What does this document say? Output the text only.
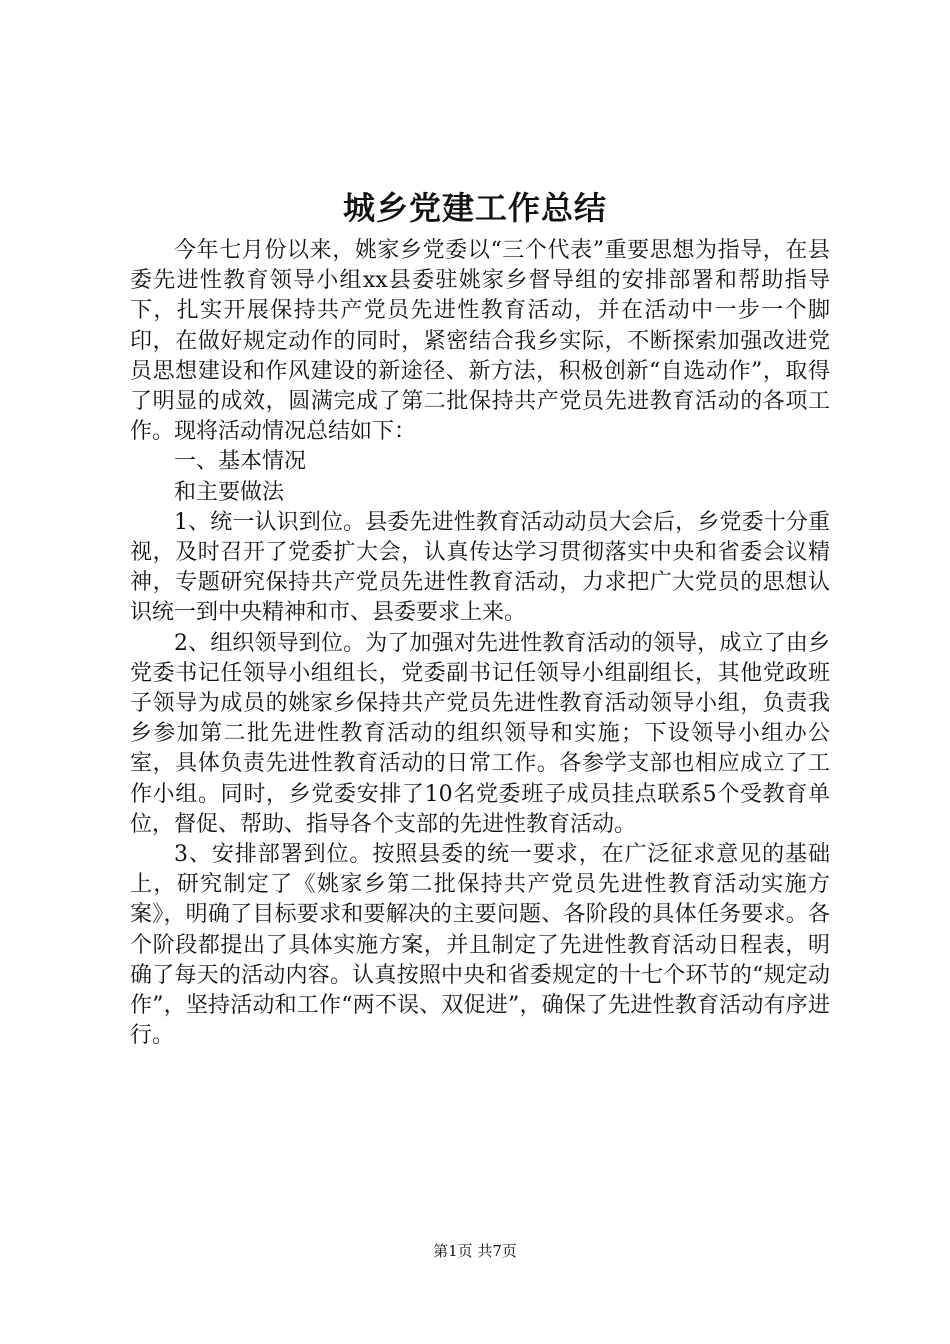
城乡党建工作总结

今年七月份以来，姚家乡党委以“三个代表”重要思想为指导，在县委先进性教育领导小组xx县委驻姚家乡督导组的安排部署和帮助指导下，扎实开展保持共产党员先进性教育活动，并在活动中一步一个脚印，在做好规定动作的同时，紧密结合我乡实际，不断探索加强改进党员思想建设和作风建设的新途径、新方法，积极创新“自选动作”，取得了明显的成效，圆满完成了第二批保持共产党员先进教育活动的各项工作。现将活动情况总结如下：

一、基本情况

和主要做法

1、统一认识到位。县委先进性教育活动动员大会后，乡党委十分重视，及时召开了党委扩大会，认真传达学习贯彻落实中央和省委会议精神，专题研究保持共产党员先进性教育活动，力求把广大党员的思想认识统一到中央精神和市、县委要求上来。

2、组织领导到位。为了加强对先进性教育活动的领导，成立了由乡党委书记任领导小组组长，党委副书记任领导小组副组长，其他党政班子领导为成员的姚家乡保持共产党员先进性教育活动领导小组，负责我乡参加第二批先进性教育活动的组织领导和实施；下设领导小组办公室，具体负责先进性教育活动的日常工作。各参学支部也相应成立了工作小组。同时，乡党委安排了10名党委班子成员挂点联系5个受教育单位，督促、帮助、指导各个支部的先进性教育活动。

3、安排部署到位。按照县委的统一要求，在广泛征求意见的基础上，研究制定了《姚家乡第二批保持共产党员先进性教育活动实施方案》，明确了目标要求和要解决的主要问题、各阶段的具体任务要求。各个阶段都提出了具体实施方案，并且制定了先进性教育活动日程表，明确了每天的活动内容。认真按照中央和省委规定的十七个环节的“规定动作”，坚持活动和工作“两不误、双促进”，确保了先进性教育活动有序进行。

第1页 共7页
